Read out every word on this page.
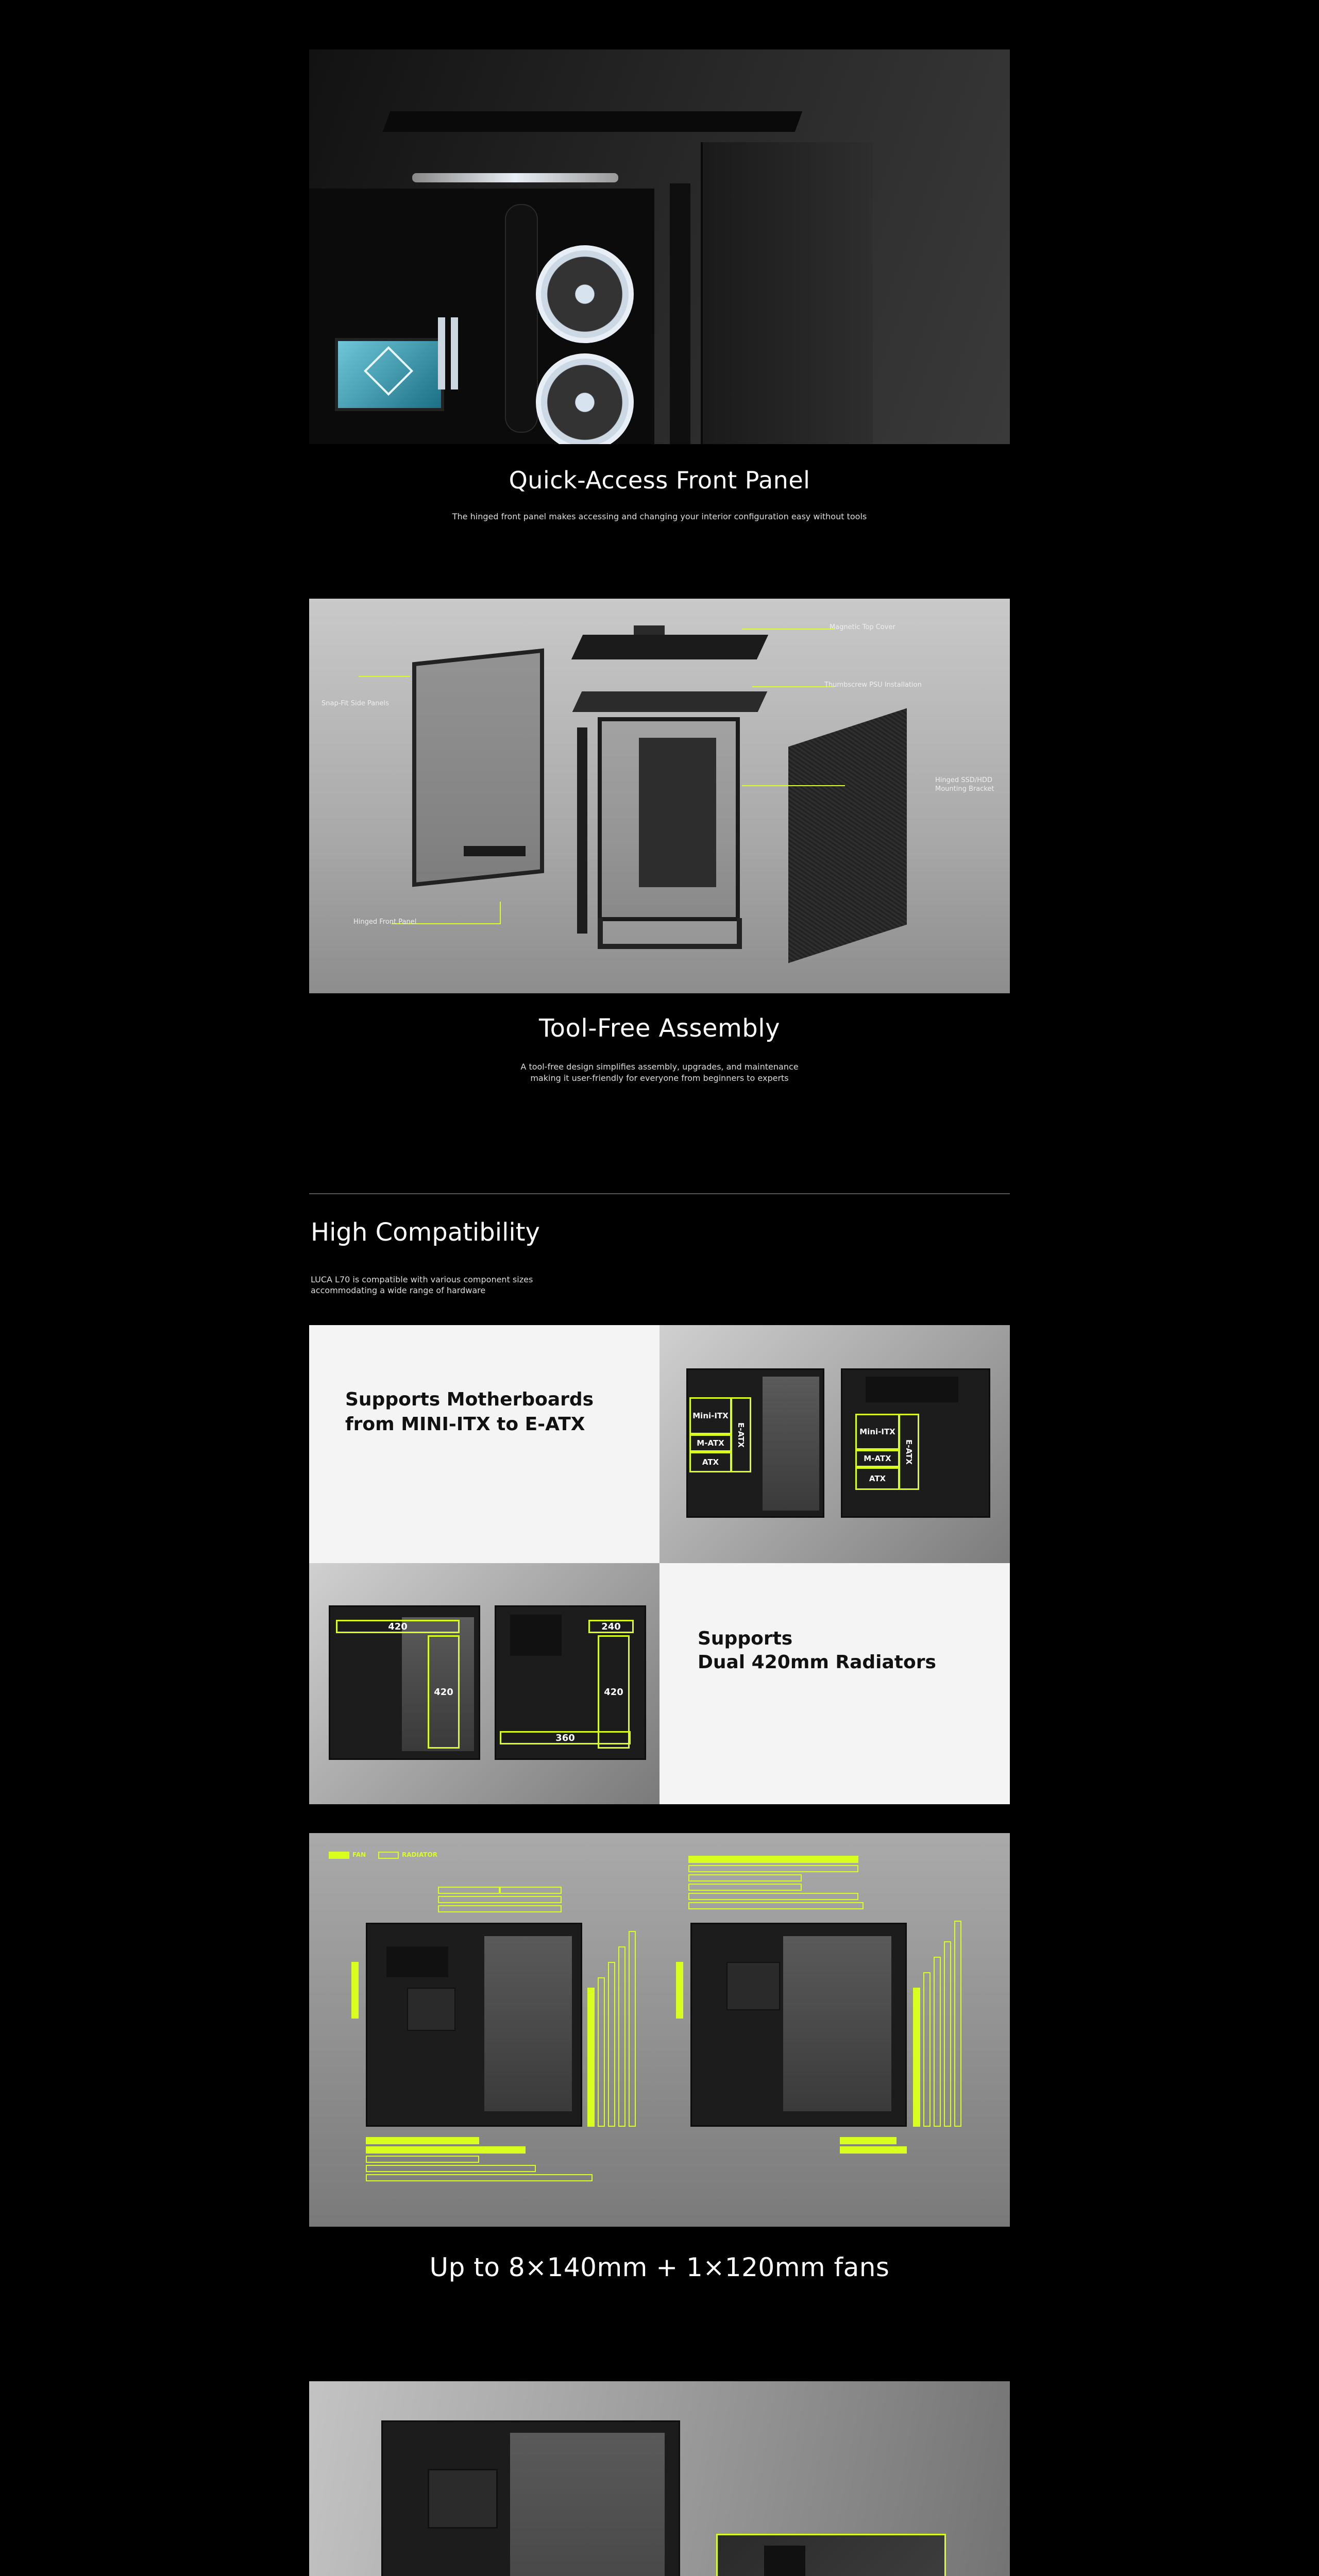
Quick-Access Front Panel
The hinged front panel makes accessing and changing your interior configuration easy without tools
Magnetic Top Cover
Snap-Fit Side Panels
Thumbscrew PSU Installation
Hinged SSD/HDD
Mounting Bracket
Hinged Front Panel
Tool-Free Assembly
A tool-free design simplifies assembly, upgrades, and maintenance
making it user-friendly for everyone from beginners to experts
High Compatibility
LUCA L70 is compatible with various component sizes
accommodating a wide range of hardware
Supports Motherboards
from MINI-ITX to E-ATX	Mini-ITX
M-ATX
ATX
E-ATX	Mini-ITX
M-ATX
ATX
E-ATX
420
420
240
420
360
Supports
Dual 420mm Radiators
FAN	RADIATOR
Up to 8×140mm + 1×120mm fans
